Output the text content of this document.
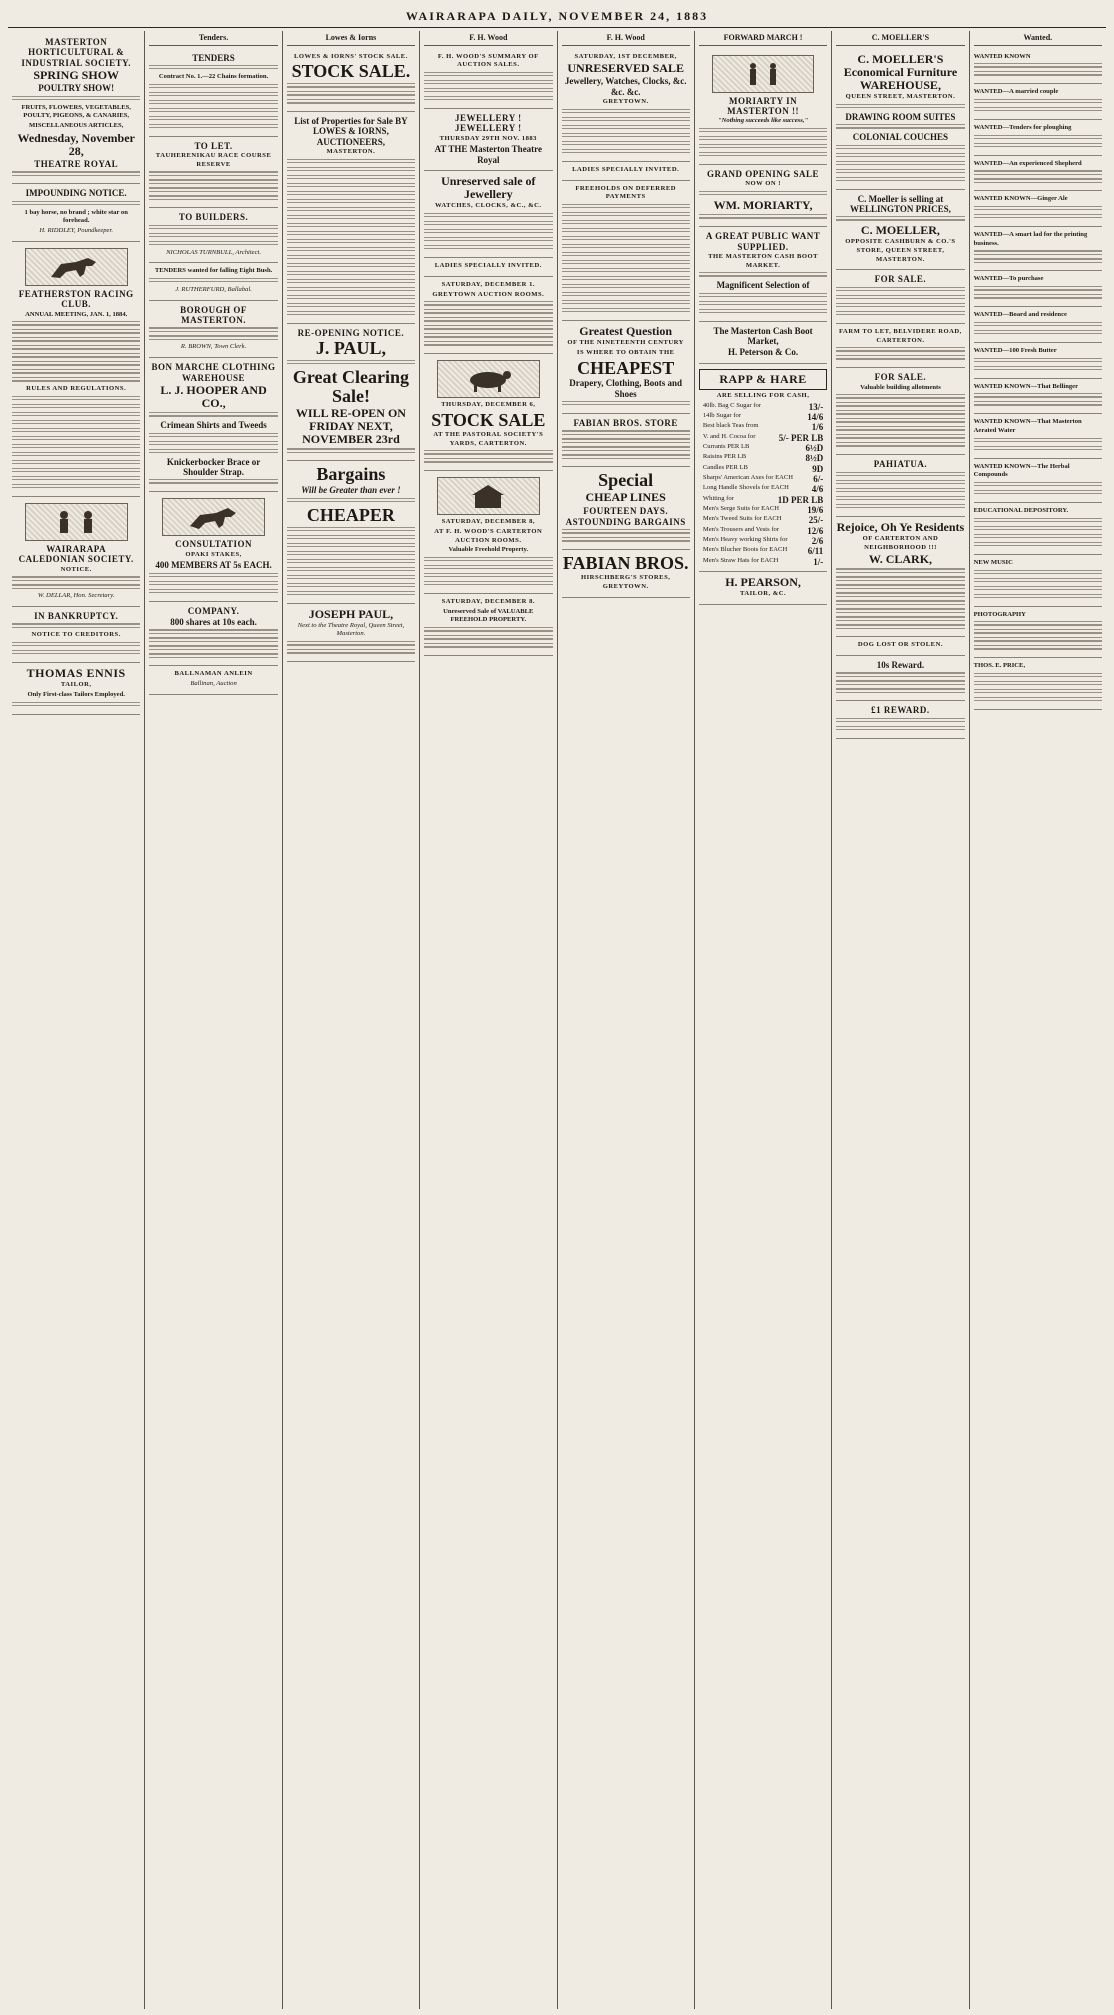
WAIRARAPA DAILY, NOVEMBER 24, 1883

MASTERTON HORTICULTURAL & INDUSTRIAL SOCIETY.

SPRING SHOW

POULTRY SHOW!

FRUITS, FLOWERS, VEGETABLES, POULTY, PIGEONS, & CANARIES,

MISCELLANEOUS ARTICLES,

Wednesday, November 28,

THEATRE ROYAL

IMPOUNDING NOTICE.

1 bay horse, no brand ; white star on forehead.

H. RIDDLEY, Poundkeeper.

FEATHERSTON RACING CLUB.

ANNUAL MEETING, JAN. 1, 1884.

RULES AND REGULATIONS.

WAIRARAPA CALEDONIAN SOCIETY.

NOTICE.

W. DELLAR, Hon. Secretary.

IN BANKRUPTCY.

NOTICE TO CREDITORS.

THOMAS ENNIS

TAILOR,

Only First-class Tailors Employed.

Tenders.

TENDERS

Contract No. 1.—22 Chains formation.

TO LET.

TAUHERENIKAU RACE COURSE RESERVE

TO BUILDERS.

NICHOLAS TURNBULL, Architect.

TENDERS wanted for falling Eight Bush.

J. RUTHERFURD, Ballabal.

BOROUGH OF MASTERTON.

R. BROWN, Town Clerk.

BON MARCHE CLOTHING WAREHOUSE

L. J. HOOPER AND CO.,

Crimean Shirts and Tweeds

Knickerbocker Brace or Shoulder Strap.

CONSULTATION

OPAKI STAKES,

400 MEMBERS AT 5s EACH.

COMPANY.

800 shares at 10s each.

BALLNAMAN ANLEIN

Ballinan, Auction

Lowes & Iorns

LOWES & IORNS' STOCK SALE.

STOCK SALE.

List of Properties for Sale BY LOWES & IORNS, AUCTIONEERS,

MASTERTON.

RE-OPENING NOTICE.

J. PAUL,

Great Clearing Sale!

WILL RE-OPEN ON FRIDAY NEXT, NOVEMBER 23rd

Bargains

Will be Greater than ever !

CHEAPER

JOSEPH PAUL,

Next to the Theatre Royal, Queen Street, Masterton.

F. H. Wood

F. H. WOOD'S SUMMARY OF AUCTION SALES.

JEWELLERY ! JEWELLERY !

THURSDAY 29TH NOV. 1883

AT THE Masterton Theatre Royal

Unreserved sale of Jewellery

WATCHES, CLOCKS, &C., &C.

LADIES SPECIALLY INVITED.

SATURDAY, DECEMBER 1.

GREYTOWN AUCTION ROOMS.

THURSDAY, DECEMBER 6,

STOCK SALE

AT THE PASTORAL SOCIETY'S YARDS, CARTERTON.

SATURDAY, DECEMBER 8,

AT F. H. WOOD'S CARTERTON AUCTION ROOMS.

Valuable Freehold Property.

SATURDAY, DECEMBER 8.

Unreserved Sale of VALUABLE FREEHOLD PROPERTY.

F. H. Wood

SATURDAY, 1ST DECEMBER,

UNRESERVED SALE

Jewellery, Watches, Clocks, &c. &c. &c.

GREYTOWN.

LADIES SPECIALLY INVITED.

FREEHOLDS ON DEFERRED PAYMENTS

Greatest Question

OF THE NINETEENTH CENTURY

IS WHERE TO OBTAIN THE

CHEAPEST

Drapery, Clothing, Boots and Shoes

FABIAN BROS. STORE

Special

CHEAP LINES

FOURTEEN DAYS.

ASTOUNDING BARGAINS

FABIAN BROS.

HIRSCHBERG'S STORES, GREYTOWN.

FORWARD MARCH !

MORIARTY IN MASTERTON !!

"Nothing succeeds like success,"

GRAND OPENING SALE

NOW ON !

WM. MORIARTY,

A GREAT PUBLIC WANT SUPPLIED.

THE MASTERTON CASH BOOT MARKET.

Magnificent Selection of

The Masterton Cash Boot Market,

H. Peterson & Co.

RAPP & HARE

ARE SELLING FOR CASH,

40lb. Bag C Sugar for	13/-
14lb Sugar for	14/6
Best black Teas from	1/6
V. and H. Cocoa for	5/- PER LB
Currants PER LB	6½D
Raisins PER LB	8½D
Candles PER LB	9D
Sharps' American Axes for EACH 6/-
Long Handle Shovels for EACH	4/6
Whiting for	1D PER LB
Men's Serge Suits for EACH	19/6
Men's Tweed Suits for EACH	25/-
Men's Trousers and Vests for	12/6
Men's Heavy working Shirts for	2/6
Men's Blucher Boots for EACH 6/11
Men's Straw Hats for EACH	1/-

H. PEARSON,

TAILOR, &C.

C. MOELLER'S

C. MOELLER'S Economical Furniture WAREHOUSE,

QUEEN STREET, MASTERTON.

DRAWING ROOM SUITES

COLONIAL COUCHES

C. Moeller is selling at WELLINGTON PRICES,

C. MOELLER,

OPPOSITE CASHBURN & CO.'S STORE, QUEEN STREET, MASTERTON.

FOR SALE.

FARM TO LET, BELVIDERE ROAD, CARTERTON.

FOR SALE.

Valuable building allotments

PAHIATUA.

Rejoice, Oh Ye Residents

OF CARTERTON AND NEIGHBORHOOD !!!

W. CLARK,

DOG LOST OR STOLEN.

10s Reward.

£1 REWARD.

Wanted.

WANTED KNOWN

WANTED—A married couple

WANTED—Tenders for ploughing

WANTED—An experienced Shepherd

WANTED KNOWN—Ginger Ale

WANTED—A smart lad for the printing business.

WANTED—To purchase

WANTED—Board and residence

WANTED—100 Fresh Butter

WANTED KNOWN—That Bellinger

WANTED KNOWN—That Masterton Aerated Water

WANTED KNOWN—The Herbal Compounds

EDUCATIONAL DEPOSITORY.

NEW MUSIC

PHOTOGRAPHY

THOS. E. PRICE,
